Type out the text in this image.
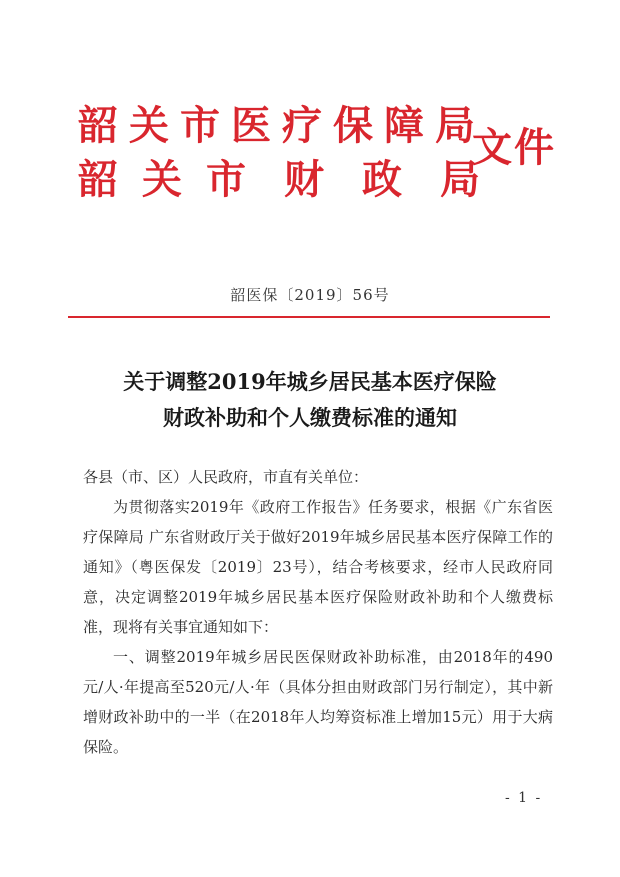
韶关市医疗保障局
韶 关 市 财 政 局
文件
韶医保〔2019〕56号
关于调整2019年城乡居民基本医疗保险
财政补助和个人缴费标准的通知

各县（市、区）人民政府，市直有关单位：

为贯彻落实2019年《政府工作报告》任务要求，根据《广东省医疗保障局 广东省财政厅关于做好2019年城乡居民基本医疗保障工作的通知》（粤医保发〔2019〕23号），结合考核要求，经市人民政府同意，决定调整2019年城乡居民基本医疗保险财政补助和个人缴费标准，现将有关事宜通知如下：

一、调整2019年城乡居民医保财政补助标准，由2018年的490元/人·年提高至520元/人·年（具体分担由财政部门另行制定），其中新增财政补助中的一半（在2018年人均筹资标准上增加15元）用于大病保险。

- 1 -
